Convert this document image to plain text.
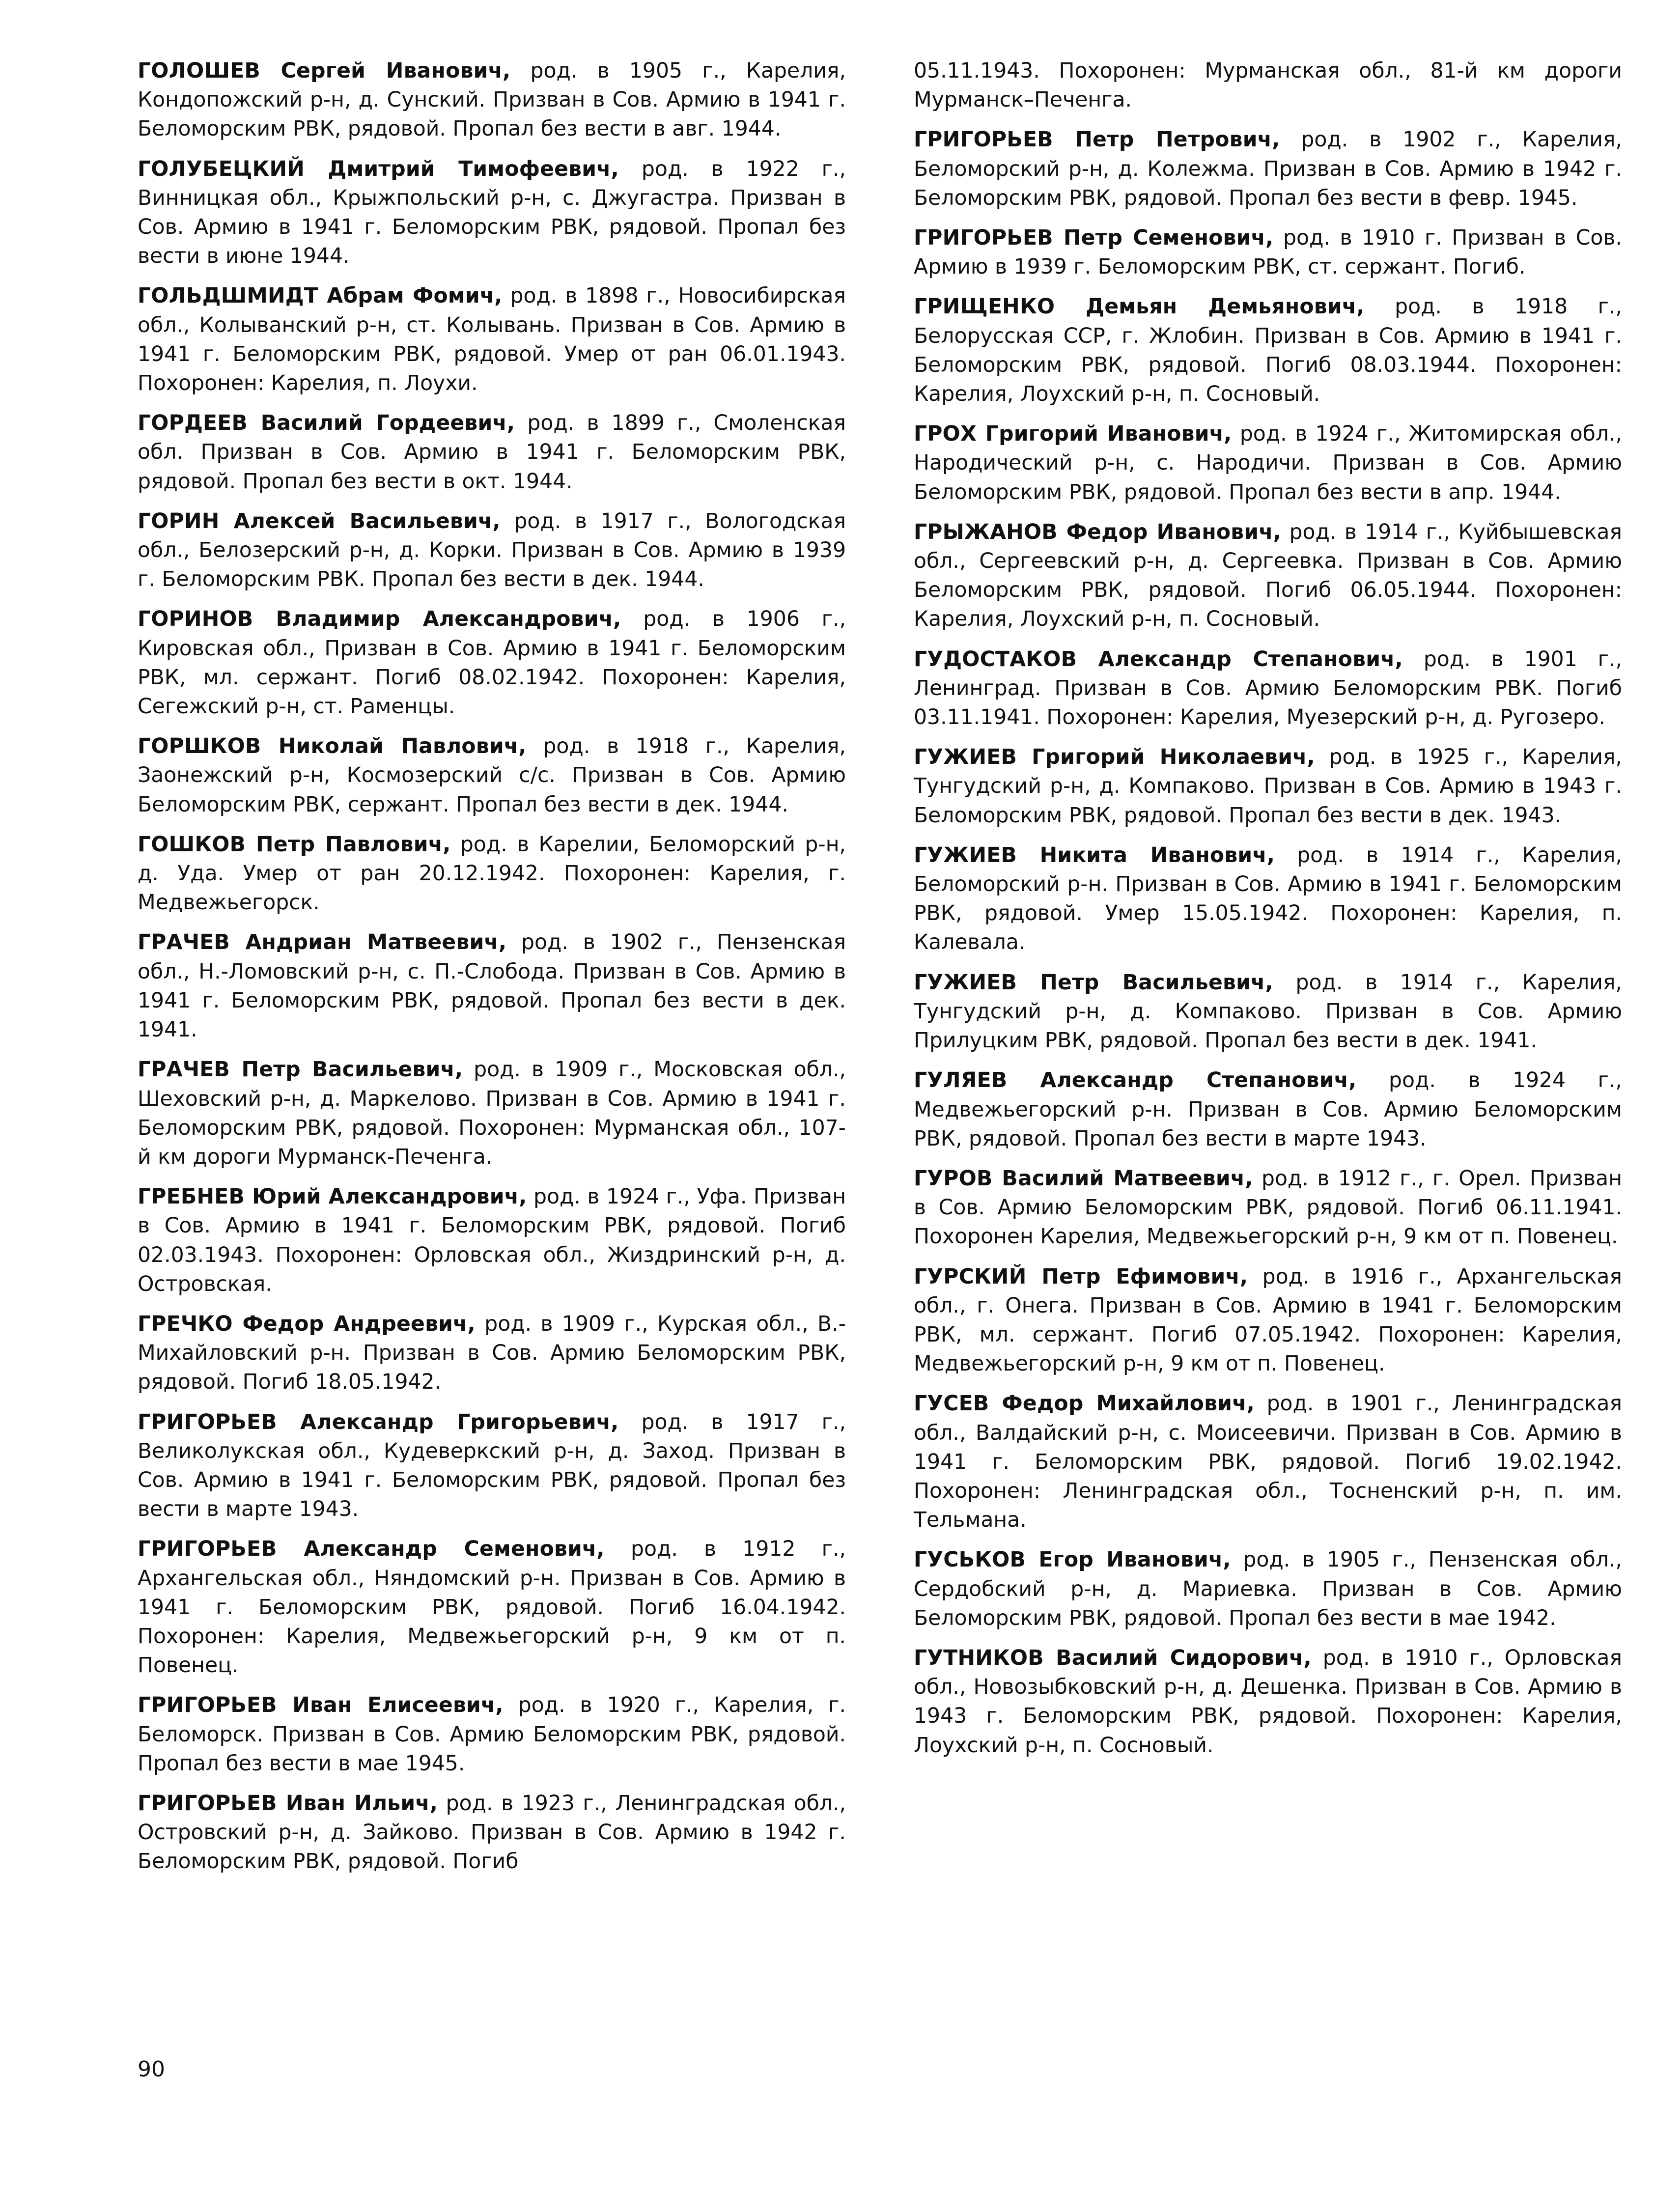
ГОЛОШЕВ Сергей Иванович, род. в 1905 г., Карелия, Кондопожский р-н, д. Сунский. Призван в Сов. Армию в 1941 г. Беломорским РВК, рядовой. Пропал без вести в авг. 1944.

ГОЛУБЕЦКИЙ Дмитрий Тимофеевич, род. в 1922 г., Винницкая обл., Крыжпольский р-н, с. Джугастра. Призван в Сов. Армию в 1941 г. Беломорским РВК, рядовой. Пропал без вести в июне 1944.

ГОЛЬДШМИДТ Абрам Фомич, род. в 1898 г., Новосибирская обл., Колыванский р-н, ст. Колывань. Призван в Сов. Армию в 1941 г. Беломорским РВК, рядовой. Умер от ран 06.01.1943. Похоронен: Карелия, п. Лоухи.

ГОРДЕЕВ Василий Гордеевич, род. в 1899 г., Смоленская обл. Призван в Сов. Армию в 1941 г. Беломорским РВК, рядовой. Пропал без вести в окт. 1944.

ГОРИН Алексей Васильевич, род. в 1917 г., Вологодская обл., Белозерский р-н, д. Корки. Призван в Сов. Армию в 1939 г. Беломорским РВК. Пропал без вести в дек. 1944.

ГОРИНОВ Владимир Александрович, род. в 1906 г., Кировская обл., Призван в Сов. Армию в 1941 г. Беломорским РВК, мл. сержант. Погиб 08.02.1942. Похоронен: Карелия, Сегежский р-н, ст. Раменцы.

ГОРШКОВ Николай Павлович, род. в 1918 г., Карелия, Заонежский р-н, Космозерский с/с. Призван в Сов. Армию Беломорским РВК, сержант. Пропал без вести в дек. 1944.

ГОШКОВ Петр Павлович, род. в Карелии, Беломорский р-н, д. Уда. Умер от ран 20.12.1942. Похоронен: Карелия, г. Медвежьегорск.

ГРАЧЕВ Андриан Матвеевич, род. в 1902 г., Пензенская обл., Н.-Ломовский р-н, с. П.-Слобода. Призван в Сов. Армию в 1941 г. Беломорским РВК, рядовой. Пропал без вести в дек. 1941.

ГРАЧЕВ Петр Васильевич, род. в 1909 г., Московская обл., Шеховский р-н, д. Маркелово. Призван в Сов. Армию в 1941 г. Беломорским РВК, рядовой. Похоронен: Мурманская обл., 107-й км дороги Мурманск-Печенга.

ГРЕБНЕВ Юрий Александрович, род. в 1924 г., Уфа. Призван в Сов. Армию в 1941 г. Беломорским РВК, рядовой. Погиб 02.03.1943. Похоронен: Орловская обл., Жиздринский р-н, д. Островская.

ГРЕЧКО Федор Андреевич, род. в 1909 г., Курская обл., В.-Михайловский р-н. Призван в Сов. Армию Беломорским РВК, рядовой. Погиб 18.05.1942.

ГРИГОРЬЕВ Александр Григорьевич, род. в 1917 г., Великолукская обл., Кудеверкский р-н, д. Заход. Призван в Сов. Армию в 1941 г. Беломорским РВК, рядовой. Пропал без вести в марте 1943.

ГРИГОРЬЕВ Александр Семенович, род. в 1912 г., Архангельская обл., Няндомский р-н. Призван в Сов. Армию в 1941 г. Беломорским РВК, рядовой. Погиб 16.04.1942. Похоронен: Карелия, Медвежьегорский р-н, 9 км от п. Повенец.

ГРИГОРЬЕВ Иван Елисеевич, род. в 1920 г., Карелия, г. Беломорск. Призван в Сов. Армию Беломорским РВК, рядовой. Пропал без вести в мае 1945.

ГРИГОРЬЕВ Иван Ильич, род. в 1923 г., Ленинградская обл., Островский р-н, д. Зайково. Призван в Сов. Армию в 1942 г. Беломорским РВК, рядовой. Погиб

05.11.1943. Похоронен: Мурманская обл., 81-й км дороги Мурманск–Печенга.

ГРИГОРЬЕВ Петр Петрович, род. в 1902 г., Карелия, Беломорский р-н, д. Колежма. Призван в Сов. Армию в 1942 г. Беломорским РВК, рядовой. Пропал без вести в февр. 1945.

ГРИГОРЬЕВ Петр Семенович, род. в 1910 г. Призван в Сов. Армию в 1939 г. Беломорским РВК, ст. сержант. Погиб.

ГРИЩЕНКО Демьян Демьянович, род. в 1918 г., Белорусская ССР, г. Жлобин. Призван в Сов. Армию в 1941 г. Беломорским РВК, рядовой. Погиб 08.03.1944. Похоронен: Карелия, Лоухский р-н, п. Сосновый.

ГРОХ Григорий Иванович, род. в 1924 г., Житомирская обл., Народический р-н, с. Народичи. Призван в Сов. Армию Беломорским РВК, рядовой. Пропал без вести в апр. 1944.

ГРЫЖАНОВ Федор Иванович, род. в 1914 г., Куйбышевская обл., Сергеевский р-н, д. Сергеевка. Призван в Сов. Армию Беломорским РВК, рядовой. Погиб 06.05.1944. Похоронен: Карелия, Лоухский р-н, п. Сосновый.

ГУДОСТАКОВ Александр Степанович, род. в 1901 г., Ленинград. Призван в Сов. Армию Беломорским РВК. Погиб 03.11.1941. Похоронен: Карелия, Муезерский р-н, д. Ругозеро.

ГУЖИЕВ Григорий Николаевич, род. в 1925 г., Карелия, Тунгудский р-н, д. Компаково. Призван в Сов. Армию в 1943 г. Беломорским РВК, рядовой. Пропал без вести в дек. 1943.

ГУЖИЕВ Никита Иванович, род. в 1914 г., Карелия, Беломорский р-н. Призван в Сов. Армию в 1941 г. Беломорским РВК, рядовой. Умер 15.05.1942. Похоронен: Карелия, п. Калевала.

ГУЖИЕВ Петр Васильевич, род. в 1914 г., Карелия, Тунгудский р-н, д. Компаково. Призван в Сов. Армию Прилуцким РВК, рядовой. Пропал без вести в дек. 1941.

ГУЛЯЕВ Александр Степанович, род. в 1924 г., Медвежьегорский р-н. Призван в Сов. Армию Беломорским РВК, рядовой. Пропал без вести в марте 1943.

ГУРОВ Василий Матвеевич, род. в 1912 г., г. Орел. Призван в Сов. Армию Беломорским РВК, рядовой. Погиб 06.11.1941. Похоронен Карелия, Медвежьегорский р-н, 9 км от п. Повенец.

ГУРСКИЙ Петр Ефимович, род. в 1916 г., Архангельская обл., г. Онега. Призван в Сов. Армию в 1941 г. Беломорским РВК, мл. сержант. Погиб 07.05.1942. Похоронен: Карелия, Медвежьегорский р-н, 9 км от п. Повенец.

ГУСЕВ Федор Михайлович, род. в 1901 г., Ленинградская обл., Валдайский р-н, с. Моисеевичи. Призван в Сов. Армию в 1941 г. Беломорским РВК, рядовой. Погиб 19.02.1942. Похоронен: Ленинградская обл., Тосненский р-н, п. им. Тельмана.

ГУСЬКОВ Егор Иванович, род. в 1905 г., Пензенская обл., Сердобский р-н, д. Мариевка. Призван в Сов. Армию Беломорским РВК, рядовой. Пропал без вести в мае 1942.

ГУТНИКОВ Василий Сидорович, род. в 1910 г., Орловская обл., Новозыбковский р-н, д. Дешенка. Призван в Сов. Армию в 1943 г. Беломорским РВК, рядовой. Похоронен: Карелия, Лоухский р-н, п. Сосновый.

90
